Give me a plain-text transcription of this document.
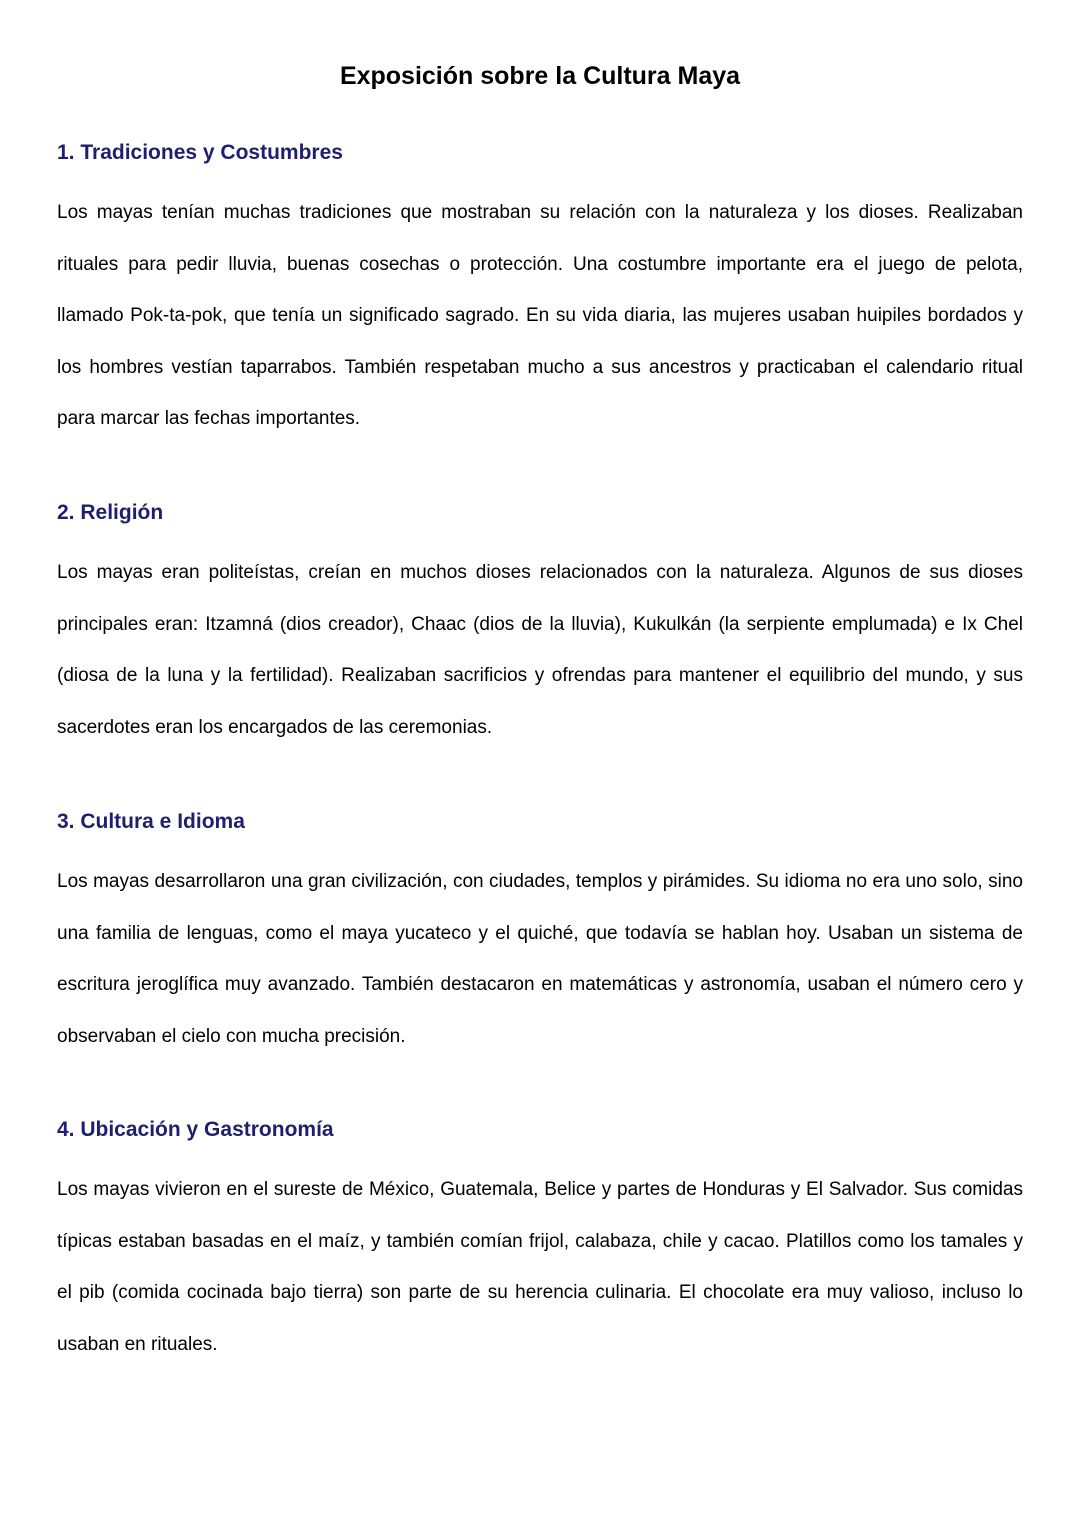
Exposición sobre la Cultura Maya
1. Tradiciones y Costumbres

Los mayas tenían muchas tradiciones que mostraban su relación con la naturaleza y los dioses. Realizaban rituales para pedir lluvia, buenas cosechas o protección. Una costumbre importante era el juego de pelota, llamado Pok-ta-pok, que tenía un significado sagrado. En su vida diaria, las mujeres usaban huipiles bordados y los hombres vestían taparrabos. También respetaban mucho a sus ancestros y practicaban el calendario ritual para marcar las fechas importantes.

2. Religión

Los mayas eran politeístas, creían en muchos dioses relacionados con la naturaleza. Algunos de sus dioses principales eran: Itzamná (dios creador), Chaac (dios de la lluvia), Kukulkán (la serpiente emplumada) e Ix Chel (diosa de la luna y la fertilidad). Realizaban sacrificios y ofrendas para mantener el equilibrio del mundo, y sus sacerdotes eran los encargados de las ceremonias.

3. Cultura e Idioma

Los mayas desarrollaron una gran civilización, con ciudades, templos y pirámides. Su idioma no era uno solo, sino una familia de lenguas, como el maya yucateco y el quiché, que todavía se hablan hoy. Usaban un sistema de escritura jeroglífica muy avanzado. También destacaron en matemáticas y astronomía, usaban el número cero y observaban el cielo con mucha precisión.

4. Ubicación y Gastronomía

Los mayas vivieron en el sureste de México, Guatemala, Belice y partes de Honduras y El Salvador. Sus comidas típicas estaban basadas en el maíz, y también comían frijol, calabaza, chile y cacao. Platillos como los tamales y el pib (comida cocinada bajo tierra) son parte de su herencia culinaria. El chocolate era muy valioso, incluso lo usaban en rituales.
